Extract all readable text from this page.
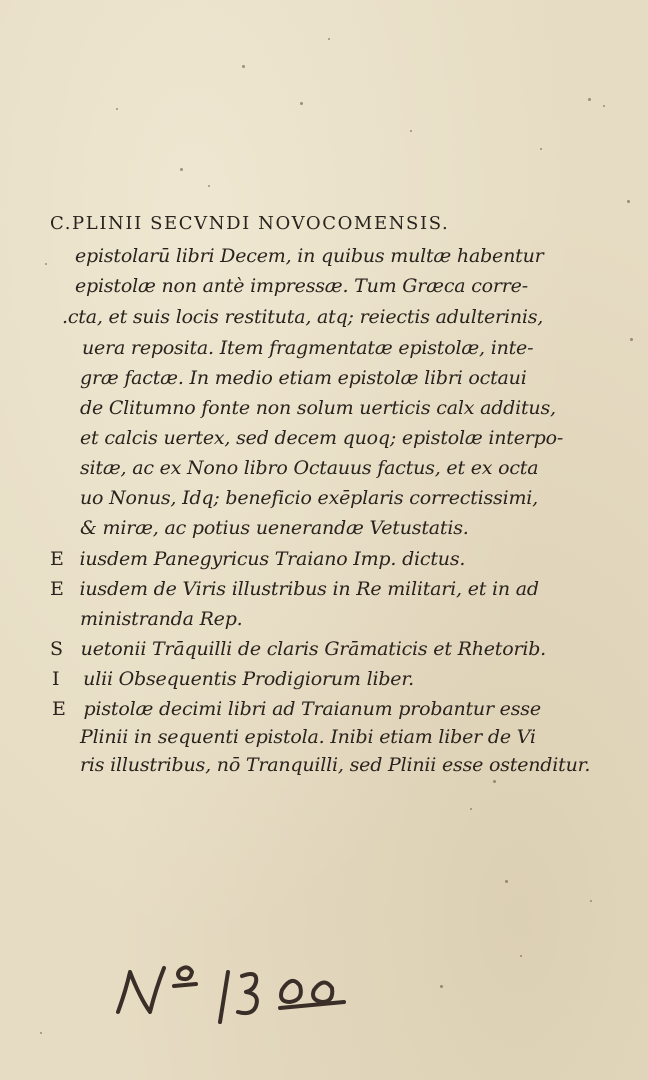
C.PLINII SECVNDI NOVOCOMENSIS.
epistolarū libri Decem, in quibus multæ habentur
epistolæ non antè impressæ. Tum Græca corre-
.cta, et suis locis restituta, atq; reiectis adulterinis,
uera reposita. Item fragmentatæ epistolæ, inte-
græ factæ. In medio etiam epistolæ libri octaui
de Clitumno fonte non solum uerticis calx additus,
et calcis uertex, sed decem quoq; epistolæ interpo-
sitæ, ac ex Nono libro Octauus factus, et ex octa
uo Nonus, Idq; beneficio exēplaris correctissimi,
& miræ, ac potius uenerandæ Vetustatis.
E iusdem Panegyricus Traiano Imp. dictus.
E iusdem de Viris illustribus in Re militari, et in ad
ministranda Rep.
S uetonii Trāquilli de claris Grāmaticis et Rhetorib.
I ulii Obsequentis Prodigiorum liber.
E pistolæ decimi libri ad Traianum probantur esse
Plinii in sequenti epistola. Inibi etiam liber de Vi
ris illustribus, nō Tranquilli, sed Plinii esse ostenditur.
